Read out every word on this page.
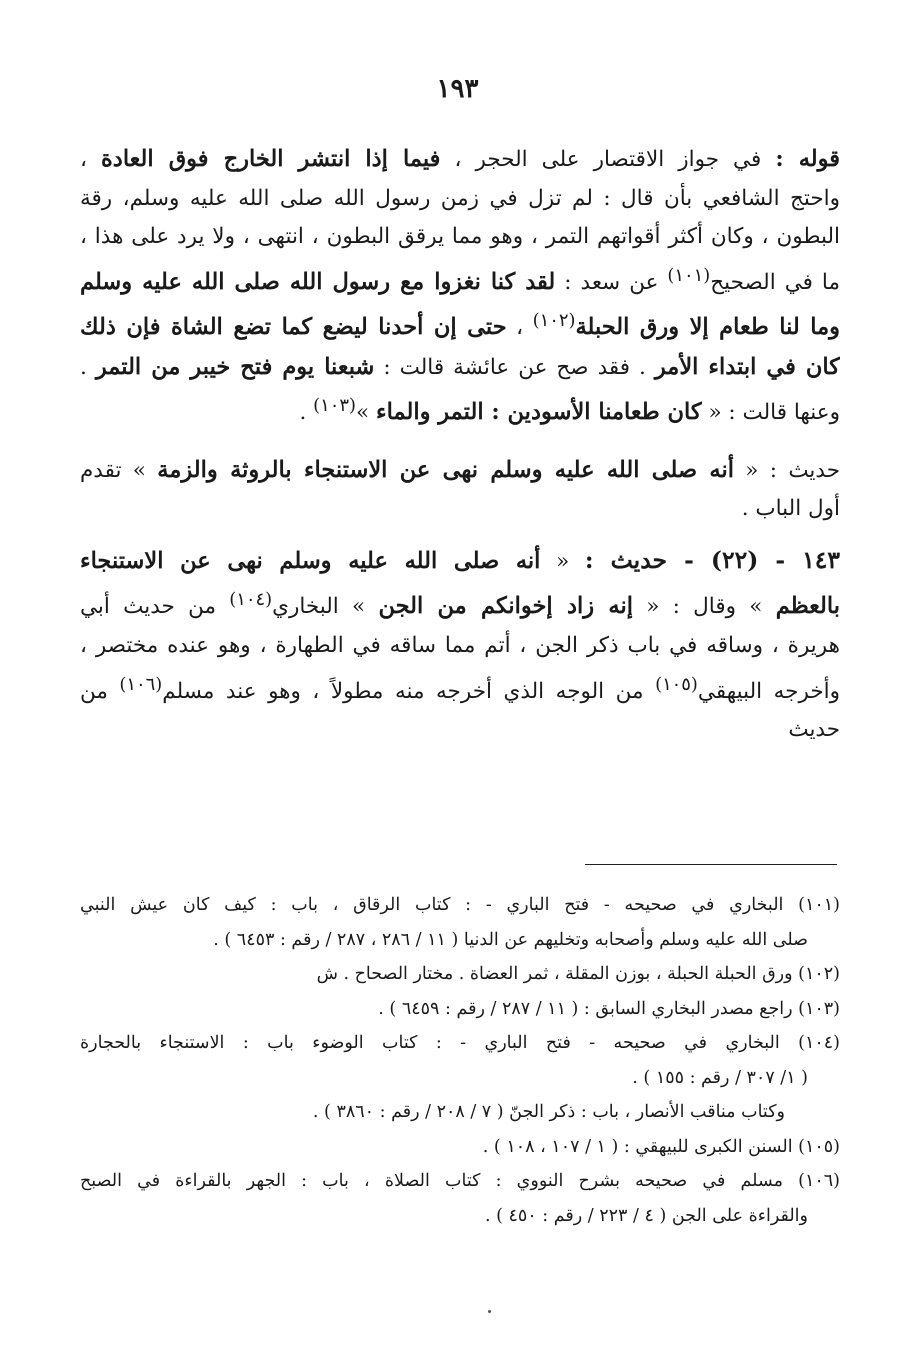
١٩٣
قوله : في جواز الاقتصار على الحجر ، فيما إذا انتشر الخارج فوق العادة ،
واحتج الشافعي بأن قال : لم تزل في زمن رسول الله صلى الله عليه وسلم، رقة
البطون ، وكان أكثر أقواتهم التمر ، وهو مما يرقق البطون ، انتهى ، ولا يرد على هذا ،
ما في الصحيح$^{(١٠١)}$ عن سعد : لقد كنا نغزوا مع رسول الله صلى الله عليه وسلم
وما لنا طعام إلا ورق الحبلة$^{(١٠٢)}$ ، حتى إن أحدنا ليضع كما تضع الشاة فإن ذلك
كان في ابتداء الأمر . فقد صح عن عائشة قالت : شبعنا يوم فتح خيبر من التمر .
وعنها قالت : « كان طعامنا الأسودين : التمر والماء »$^{(١٠٣)}$ .
حديث : « أنه صلى الله عليه وسلم نهى عن الاستنجاء بالروثة والزمة » تقدم
أول الباب .
١٤٣ - (٢٢) - حديث : « أنه صلى الله عليه وسلم نهى عن الاستنجاء
بالعظم » وقال : « إنه زاد إخوانكم من الجن » البخاري$^{(١٠٤)}$ من حديث أبي
هريرة ، وساقه في باب ذكر الجن ، أتم مما ساقه في الطهارة ، وهو عنده مختصر ،
وأخرجه البيهقي$^{(١٠٥)}$ من الوجه الذي أخرجه منه مطولاً ، وهو عند مسلم$^{(١٠٦)}$ من
حديث
(١٠١) البخاري في صحيحه - فتح الباري - : كتاب الرقاق ، باب : كيف كان عيش النبي
صلى الله عليه وسلم وأصحابه وتخليهم عن الدنيا ( ١١ / ٢٨٦ ، ٢٨٧ / رقم : ٦٤٥٣ ) .
(١٠٢) ورق الحبلة الحبلة ، بوزن المقلة ، ثمر العضاة . مختار الصحاح . ش
(١٠٣) راجع مصدر البخاري السابق : ( ١١ / ٢٨٧ / رقم : ٦٤٥٩ ) .
(١٠٤) البخاري في صحيحه - فتح الباري - : كتاب الوضوء باب : الاستنجاء بالحجارة
( ١/ ٣٠٧ / رقم : ١٥٥ ) .
وكتاب مناقب الأنصار ، باب : ذكر الجنّ ( ٧ / ٢٠٨ / رقم : ٣٨٦٠ ) .
(١٠٥) السنن الكبرى للبيهقي : ( ١ / ١٠٧ ، ١٠٨ ) .
(١٠٦) مسلم في صحيحه بشرح النووي : كتاب الصلاة ، باب : الجهر بالقراءة في الصبح
والقراءة على الجن ( ٤ / ٢٢٣ / رقم : ٤٥٠ ) .
